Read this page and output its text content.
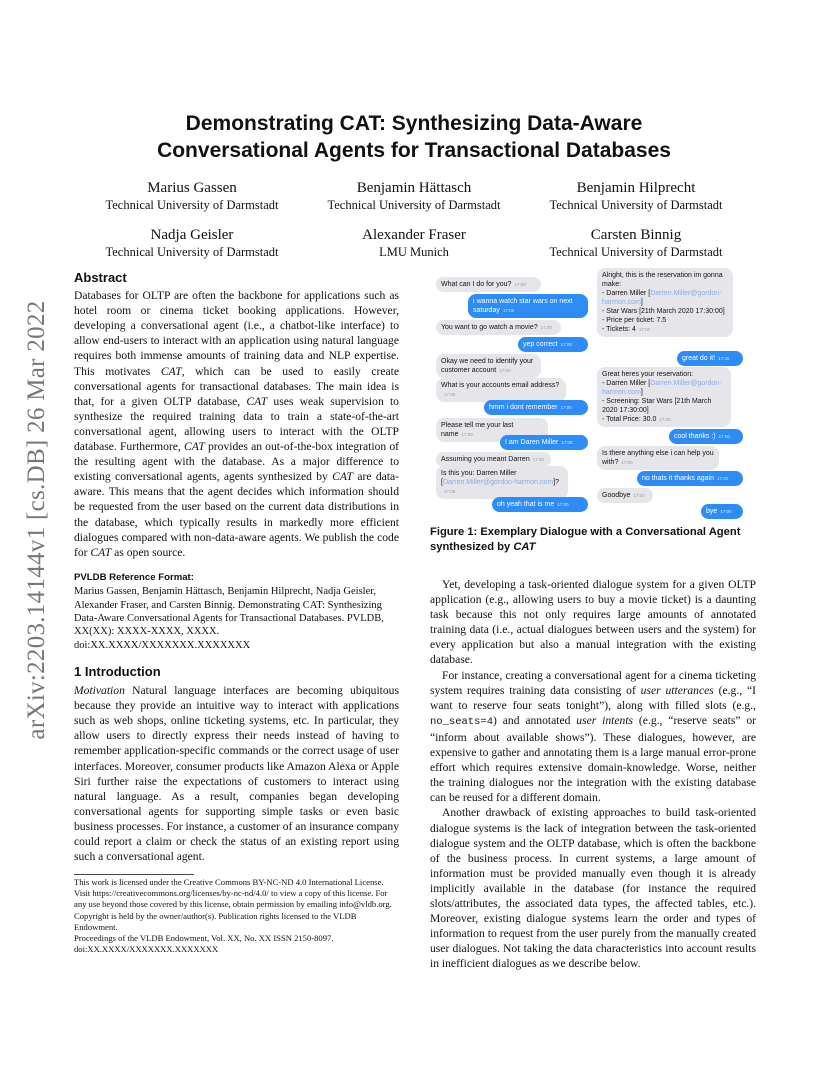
arXiv:2203.14144v1 [cs.DB] 26 Mar 2022
Demonstrating CAT: Synthesizing Data-Aware
Conversational Agents for Transactional Databases
Marius Gassen
Technical University of Darmstadt
Benjamin Hättasch
Technical University of Darmstadt
Benjamin Hilprecht
Technical University of Darmstadt
Nadja Geisler
Technical University of Darmstadt
Alexander Fraser
LMU Munich
Carsten Binnig
Technical University of Darmstadt
Abstract

Databases for OLTP are often the backbone for applications such as hotel room or cinema ticket booking applications. However, developing a conversational agent (i.e., a chatbot-like interface) to allow end-users to interact with an application using natural language requires both immense amounts of training data and NLP expertise. This motivates CAT, which can be used to easily create conversational agents for transactional databases. The main idea is that, for a given OLTP database, CAT uses weak supervision to synthesize the required training data to train a state-of-the-art conversational agent, allowing users to interact with the OLTP database. Furthermore, CAT provides an out-of-the-box integration of the resulting agent with the database. As a major difference to existing conversational agents, agents synthesized by CAT are data-aware. This means that the agent decides which information should be requested from the user based on the current data distributions in the database, which typically results in markedly more efficient dialogues compared with non-data-aware agents. We publish the code for CAT as open source.

PVLDB Reference Format:

Marius Gassen, Benjamin Hättasch, Benjamin Hilprecht, Nadja Geisler, Alexander Fraser, and Carsten Binnig. Demonstrating CAT: Synthesizing Data-Aware Conversational Agents for Transactional Databases. PVLDB, XX(XX): XXXX-XXXX, XXXX.

doi:XX.XXXX/XXXXXXX.XXXXXXX

1 Introduction

Motivation Natural language interfaces are becoming ubiquitous because they provide an intuitive way to interact with applications such as web shops, online ticketing systems, etc. In particular, they allow users to directly express their needs instead of having to remember application-specific commands or the correct usage of user interfaces. Moreover, consumer products like Amazon Alexa or Apple Siri further raise the expectations of customers to interact using natural language. As a result, companies began developing conversational agents for supporting simple tasks or even basic business processes. For instance, a customer of an insurance company could report a claim or check the status of an existing report using such a conversational agent.

This work is licensed under the Creative Commons BY-NC-ND 4.0 International License. Visit https://creativecommons.org/licenses/by-nc-nd/4.0/ to view a copy of this license. For any use beyond those covered by this license, obtain permission by emailing info@vldb.org. Copyright is held by the owner/author(s). Publication rights licensed to the VLDB Endowment.

Proceedings of the VLDB Endowment, Vol. XX, No. XX ISSN 2150-8097.

doi:XX.XXXX/XXXXXXX.XXXXXXX

What can I do for you? 17:00
i wanna watch star wars on next saturday 17:00
You want to go watch a movie? 17:00
yep correct 17:00
Okay we need to identify your customer account 17:00
What is your accounts email address?17:00
hmm i dont remember 17:00
Please tell me your last name 17:00
I am Daren Miller 17:00
Assuming you meant Darren 17:00
Is this you: Darren Miller [Darren.Miller@gordon-harmon.com]?17:00
oh yeah that is me 17:00
Alright, this is the reservation im gonna make:
- Darren Miller [Darren.Miller@gordon-harmon.com]
- Star Wars [21th March 2020 17:30:00]
- Price per ticket: 7.5
- Tickets: 4 17:00
great do it! 17:00
Great heres your reservation:
- Darren Miller [Darren.Miller@gordon-harmon.com]
- Screening: Star Wars [21th March 2020 17:30:00]
- Total Price: 30.0 17:00
cool thanks :) 17:00
Is there anything else i can help you with? 17:00
no thats it thanks again 17:00
Goodbye 17:00
bye 17:00
Figure 1: Exemplary Dialogue with a Conversational Agent synthesized by CAT

Yet, developing a task-oriented dialogue system for a given OLTP application (e.g., allowing users to buy a movie ticket) is a daunting task because this not only requires large amounts of annotated training data (i.e., actual dialogues between users and the system) for every application but also a manual integration with the existing database.

For instance, creating a conversational agent for a cinema ticketing system requires training data consisting of user utterances (e.g., “I want to reserve four seats tonight”), along with filled slots (e.g., no_seats=4) and annotated user intents (e.g., “reserve seats” or “inform about available shows”). These dialogues, however, are expensive to gather and annotating them is a large manual error-prone effort which requires extensive domain-knowledge. Worse, neither the training dialogues nor the integration with the existing database can be reused for a different domain.

Another drawback of existing approaches to build task-oriented dialogue systems is the lack of integration between the task-oriented dialogue system and the OLTP database, which is often the backbone of the business process. In current systems, a large amount of information must be provided manually even though it is already implicitly available in the database (for instance the required slots/attributes, the associated data types, the affected tables, etc.). Moreover, existing dialogue systems learn the order and types of information to request from the user purely from the manually created user dialogues. Not taking the data characteristics into account results in inefficient dialogues as we describe below.
